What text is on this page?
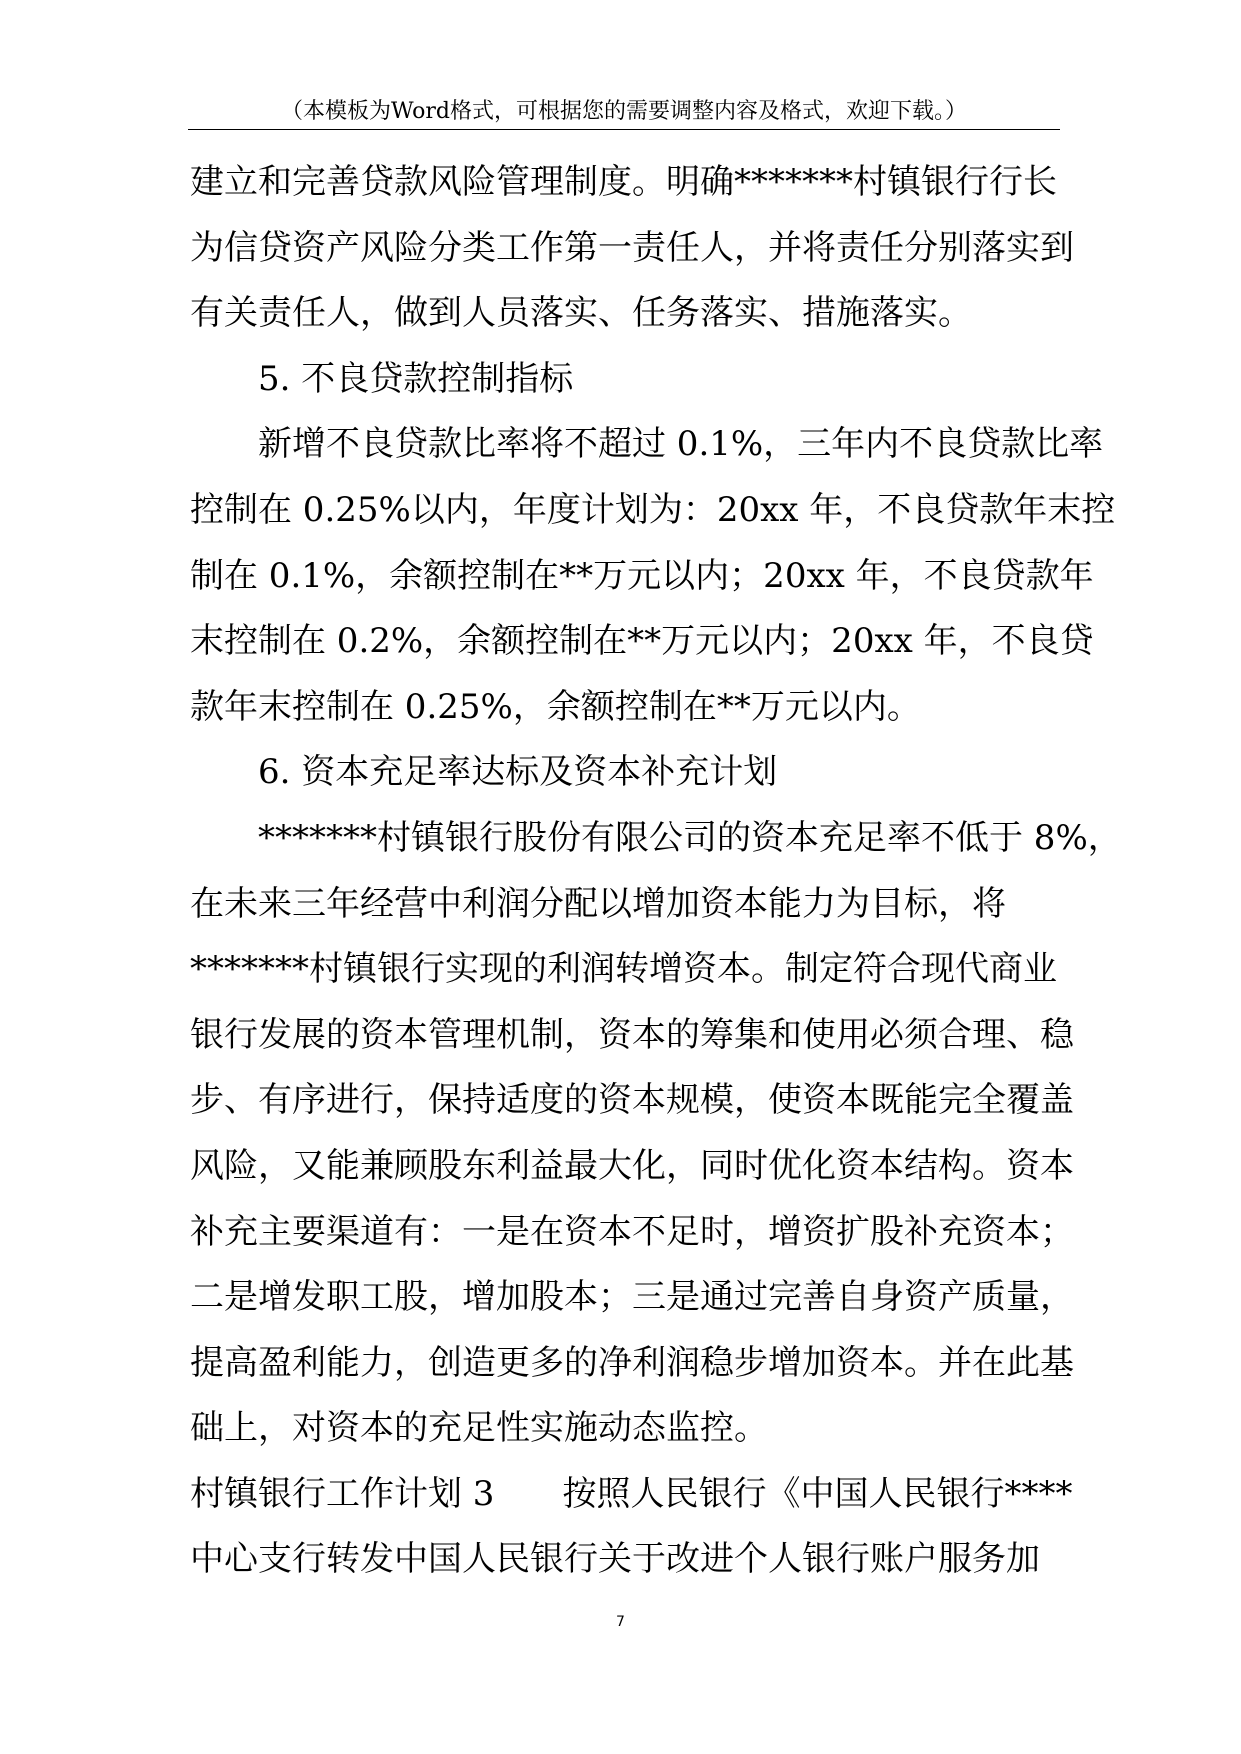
（本模板为Word格式，可根据您的需要调整内容及格式，欢迎下载。）
建立和完善贷款风险管理制度。明确*******村镇银行行长
为信贷资产风险分类工作第一责任人，并将责任分别落实到
有关责任人，做到人员落实、任务落实、措施落实。
5. 不良贷款控制指标
新增不良贷款比率将不超过 0.1%，三年内不良贷款比率
控制在 0.25%以内，年度计划为：20xx 年，不良贷款年末控
制在 0.1%，余额控制在**万元以内；20xx 年，不良贷款年
末控制在 0.2%，余额控制在**万元以内；20xx 年，不良贷
款年末控制在 0.25%，余额控制在**万元以内。
6. 资本充足率达标及资本补充计划
*******村镇银行股份有限公司的资本充足率不低于 8%，
在未来三年经营中利润分配以增加资本能力为目标，将
*******村镇银行实现的利润转增资本。制定符合现代商业
银行发展的资本管理机制，资本的筹集和使用必须合理、稳
步、有序进行，保持适度的资本规模，使资本既能完全覆盖
风险，又能兼顾股东利益最大化，同时优化资本结构。资本
补充主要渠道有：一是在资本不足时，增资扩股补充资本；
二是增发职工股，增加股本；三是通过完善自身资产质量，
提高盈利能力，创造更多的净利润稳步增加资本。并在此基
础上，对资本的充足性实施动态监控。
村镇银行工作计划 3　　按照人民银行《中国人民银行****
中心支行转发中国人民银行关于改进个人银行账户服务加
7
